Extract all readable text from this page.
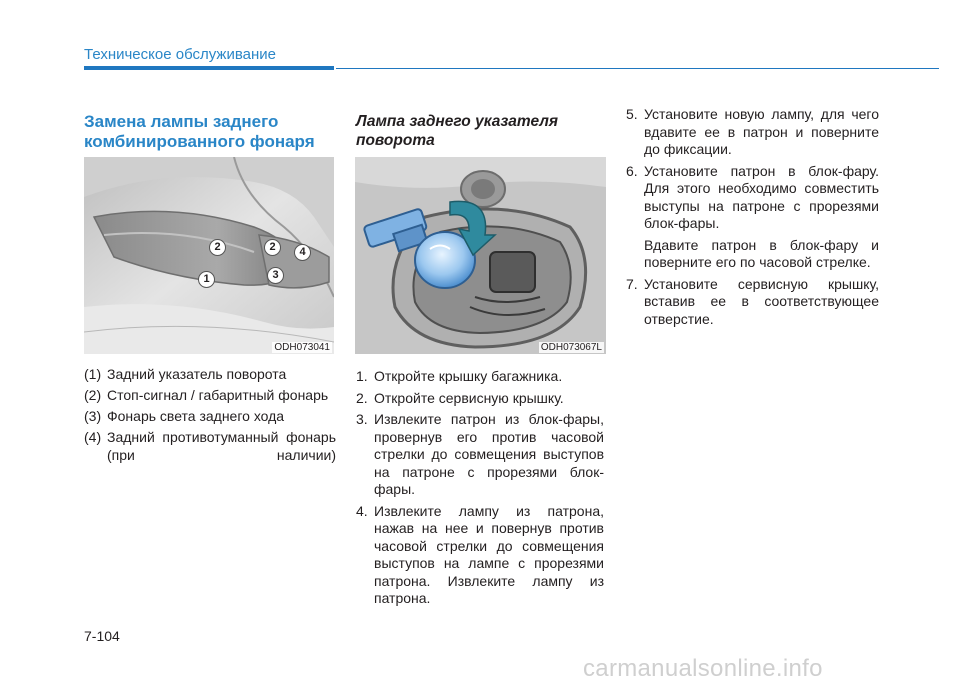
Техническое обслуживание
Замена лампы заднего комбинированного фонаря
2	2	4
1	3
ODH073041
(1) Задний указатель поворота
(2) Стоп-сигнал / габаритный фонарь
(3) Фонарь света заднего хода
(4) Задний противотуманный фонарь (при наличии)
Лампа заднего указателя поворота
ODH073067L
1. Откройте крышку багажника.
2. Откройте сервисную крышку.
3. Извлеките патрон из блок-фары, провернув его против часовой стрелки до совмещения выступов на патроне с прорезями блок-фары.
4. Извлеките лампу из патрона, нажав на нее и повернув против часовой стрелки до совмещения выступов на лампе с прорезями патрона. Извлеките лампу из патрона.
5. Установите новую лампу, для чего вдавите ее в патрон и поверните до фиксации.
6. Установите патрон в блок-фару. Для этого необходимо совместить выступы на патроне с прорезями блок-фары.
Вдавите патрон в блок-фару и поверните его по часовой стрелке.
7. Установите сервисную крышку, вставив ее в соответствующее отверстие.
7-104
carmanualsonline.info
